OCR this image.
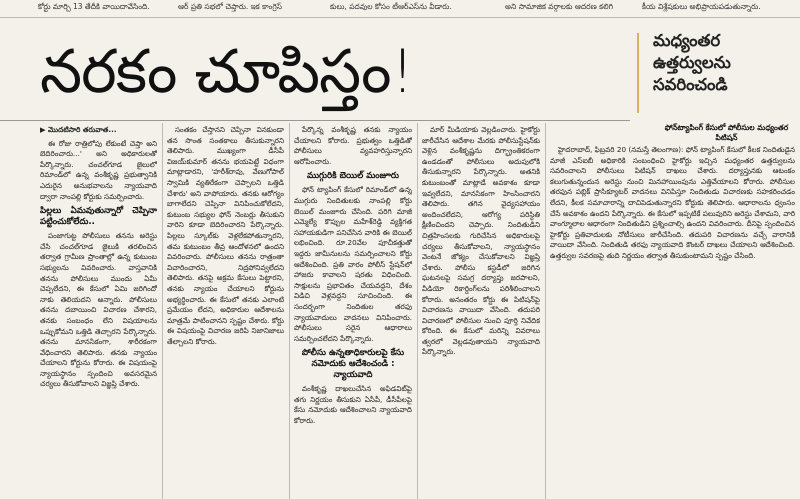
కోర్టు మార్చి 13 తేదీకి వాయిదావేసింది.	ఆర్ ప్రతి సభలో చెప్తారు. ఇక కాంగ్రెస్	కులు, పదవుల కోసం టీఆర్ఎస్‌ను వీడారు.	అని సామాజిక వర్గాలకు ఆదరణ కలిగి	కీయ విశ్లేషకులు అభిప్రాయపడుతున్నారు.
నరకం చూపిస్తం!	మధ్యంతర
ఉత్తర్వులను
సవరించండి
ఫోన్‌ట్యాపింగ్ కేసులో పోలీసుల మధ్యంతర పిటిషన్

▶ మొదటిసారి తరువాత...

ఈ రోజు రాత్రిలోపు లేకుంటే చెప్తా అని బెదిరించారు...' అని అధికారులతో పేర్కొన్నారు. చంచల్‌గూడ జైలులో రిమాండ్‌లో ఉన్న వంశీకృష్ణ ప్రభుత్వానికి ఎదురైన అనుభవాలను న్యాయవాది ద్వారా నాంపల్లి కోర్టుకు సమర్పించారు.

పిల్లలు ఏమవుతున్నారో చెప్పినా పట్టించుకోలేదు..

పంజాగుట్ట పోలీసులు తనను అరెస్టు చేసి చంచల్‌గూడ జైలుకి తరలించిన తర్వాత గ్రామీణ ప్రాంతాల్లో ఉన్న కుటుంబ సభ్యులను వివరించారు. వాస్తవానికి తనను పోలీసులు ముందు ఏమీ చెప్పలేదని, ఈ కేసులో ఏమి జరిగిందో నాకు తెలియదని అన్నారు. పోలీసులు తనను దబాయించి విచారణ చేశారని, తనకు సంబంధం లేని విషయాలను ఒప్పుకోమని ఒత్తిడి తెచ్చారని పేర్కొన్నారు. తనను మానసికంగా, శారీరకంగా వేధించారని తెలిపారు. తనకు న్యాయం చేయాలని కోర్టును కోరారు. ఈ విషయంపై న్యాయస్థానం స్పందించి అవసరమైన చర్యలు తీసుకోవాలని విజ్ఞప్తి చేశారు.

సంతకం చేస్తానని చెప్పినా వినకుండా తన సొంత సంతకాలు తీసుకున్నారని తెలిపారు. ముఖ్యంగా డీసీపీ విజయ్‌కుమార్ తనను భయపెట్టే విధంగా మాట్లాడారని, 'హరీశ్‌రావు, వేణుగోపాల్ స్వామికి వ్యతిరేకంగా చెప్పాలని ఒత్తిడి చేశారు' అని వాపోయారు. తనకు ఆరోగ్యం బాగాలేదని చెప్పినా వినిపించుకోలేదని, కుటుంబ సభ్యుల ఫోన్ నెంబర్లు తీసుకుని వారిని కూడా బెదిరించారని పేర్కొన్నారు. పిల్లలు స్కూల్‌కు వెళ్లలేకపోతున్నారని, తమ కుటుంబం తీవ్ర ఆందోళనలో ఉందని వివరించారు. పోలీసులు తనను రాత్రంతా విచారించారని, నిద్రపోనివ్వలేదని తెలిపారు. తనపై అక్రమ కేసులు పెట్టారని, తనకు న్యాయం చేయాలని కోర్టును అభ్యర్థించారు. ఈ కేసులో తనకు ఎలాంటి ప్రమేయం లేదని, అధికారుల ఆదేశాలను మాత్రమే పాటించానని స్పష్టం చేశారు. కోర్టు ఈ విషయంపై విచారణ జరిపి నిజానిజాలు తేల్చాలని కోరారు.

పేర్కొన్న వంశీకృష్ణ తనకు న్యాయం చేయాలని కోరారు. ప్రభుత్వం ఒత్తిడితో పోలీసులు వ్యవహరిస్తున్నారని ఆరోపించారు.

ముగ్గురికి బెయిల్ మంజూరు

ఫోన్ ట్యాపింగ్ కేసులో రిమాండ్‌లో ఉన్న ముగ్గురు నిందితులకు నాంపల్లి కోర్టు బెయిల్ మంజూరు చేసింది. పరిగి మాజీ ఎమ్మెల్యే కొప్పుల మహేశ్‌రెడ్డి వ్యక్తిగత సహాయకుడిగా పనిచేసిన వారికి ఈ బెయిల్ లభించింది. రూ.20వేల పూచీకత్తుతో ఇద్దరు జామీనులను సమర్పించాలని కోర్టు ఆదేశించింది. ప్రతి వారం పోలీస్ స్టేషన్‌లో హాజరు కావాలని షరతు విధించింది. సాక్షులను ప్రభావితం చేయవద్దని, దేశం విడిచి వెళ్లవద్దని సూచించింది. ఈ సందర్భంగా నిందితుల తరఫు న్యాయవాదులు వాదనలు వినిపించారు. పోలీసులు సరైన ఆధారాలు సమర్పించలేదని పేర్కొన్నారు.

పోలీసు ఉన్నతాధికారులపై కేసు నమోదుకు ఆదేశించండి : న్యాయవాది

వంశీకృష్ణ దాఖలుచేసిన అఫిడవిట్‌పై తగు నిర్ణయం తీసుకుని ఏసీపీ, డీసీపీలపై కేసు నమోదుకు ఆదేశించాలని న్యాయవాది కోరారు.

మార్ మీడియాకు వెల్లడించారు. హైకోర్టు జారీచేసిన ఆదేశాల మేరకు పోలీసుస్టేషన్‌కు వెళ్లిన వంశీకృష్ణను దిగ్భ్రాంతికరంగా ఉండడంతో పోలీసులు అదుపులోకి తీసుకున్నారని పేర్కొన్నారు. అతనికి కుటుంబంతో మాట్లాడే అవకాశం కూడా ఇవ్వలేదని, మానసికంగా హింసించారని తెలిపారు. తగిన వైద్యసహాయం అందించలేదని, ఆరోగ్య పరిస్థితి క్షీణించిందని చెప్పారు. నిందితుడిని చిత్రహింసలకు గురిచేసిన అధికారులపై చర్యలు తీసుకోవాలని, న్యాయస్థానం వెంటనే జోక్యం చేసుకోవాలని విజ్ఞప్తి చేశారు. పోలీసు కస్టడీలో జరిగిన ఘటనలపై సమగ్ర దర్యాప్తు జరపాలని, వీడియో రికార్డింగ్‌లను పరిశీలించాలని కోరారు. అనంతరం కోర్టు ఈ పిటిషన్‌పై విచారణను వాయిదా వేసింది. తదుపరి విచారణలో పోలీసుల నుంచి పూర్తి నివేదిక కోరింది. ఈ కేసులో మరిన్ని వివరాలు త్వరలో వెల్లడవుతాయని న్యాయవాది పేర్కొన్నారు.

హైదరాబాద్, ఫిబ్రవరి 20 (నమస్తే తెలంగాణ): ఫోన్ ట్యాపింగ్ కేసులో కీలక నిందితుడైన మాజీ ఎస్ఐబీ అధికారికి సంబంధించి హైకోర్టు ఇచ్చిన మధ్యంతర ఉత్తర్వులను సవరించాలని పోలీసులు పిటిషన్ దాఖలు చేశారు. దర్యాప్తునకు ఆటంకం కలుగుతున్నందున అరెస్టు నుంచి మినహాయింపును ఎత్తివేయాలని కోరారు. పోలీసుల తరఫున పబ్లిక్ ప్రాసిక్యూటర్ వాదనలు వినిపిస్తూ నిందితుడు విచారణకు సహకరించడం లేదని, కీలక సమాచారాన్ని దాచిపెడుతున్నారని కోర్టుకు తెలిపారు. ఆధారాలను ధ్వంసం చేసే అవకాశం ఉందని పేర్కొన్నారు. ఈ కేసులో ఇప్పటికే పలువురిని అరెస్టు చేశామని, వారి వాంగ్మూలాల ఆధారంగా నిందితుడిని ప్రశ్నించాల్సి ఉందని వివరించారు. దీనిపై స్పందించిన హైకోర్టు ప్రతివాదులకు నోటీసులు జారీచేసింది. తదుపరి విచారణను వచ్చే వారానికి వాయిదా వేసింది. నిందితుడి తరఫు న్యాయవాది కౌంటర్ దాఖలు చేయాలని ఆదేశించింది. ఉత్తర్వుల సవరణపై తుది నిర్ణయం తర్వాత తీసుకుంటామని స్పష్టం చేసింది.
